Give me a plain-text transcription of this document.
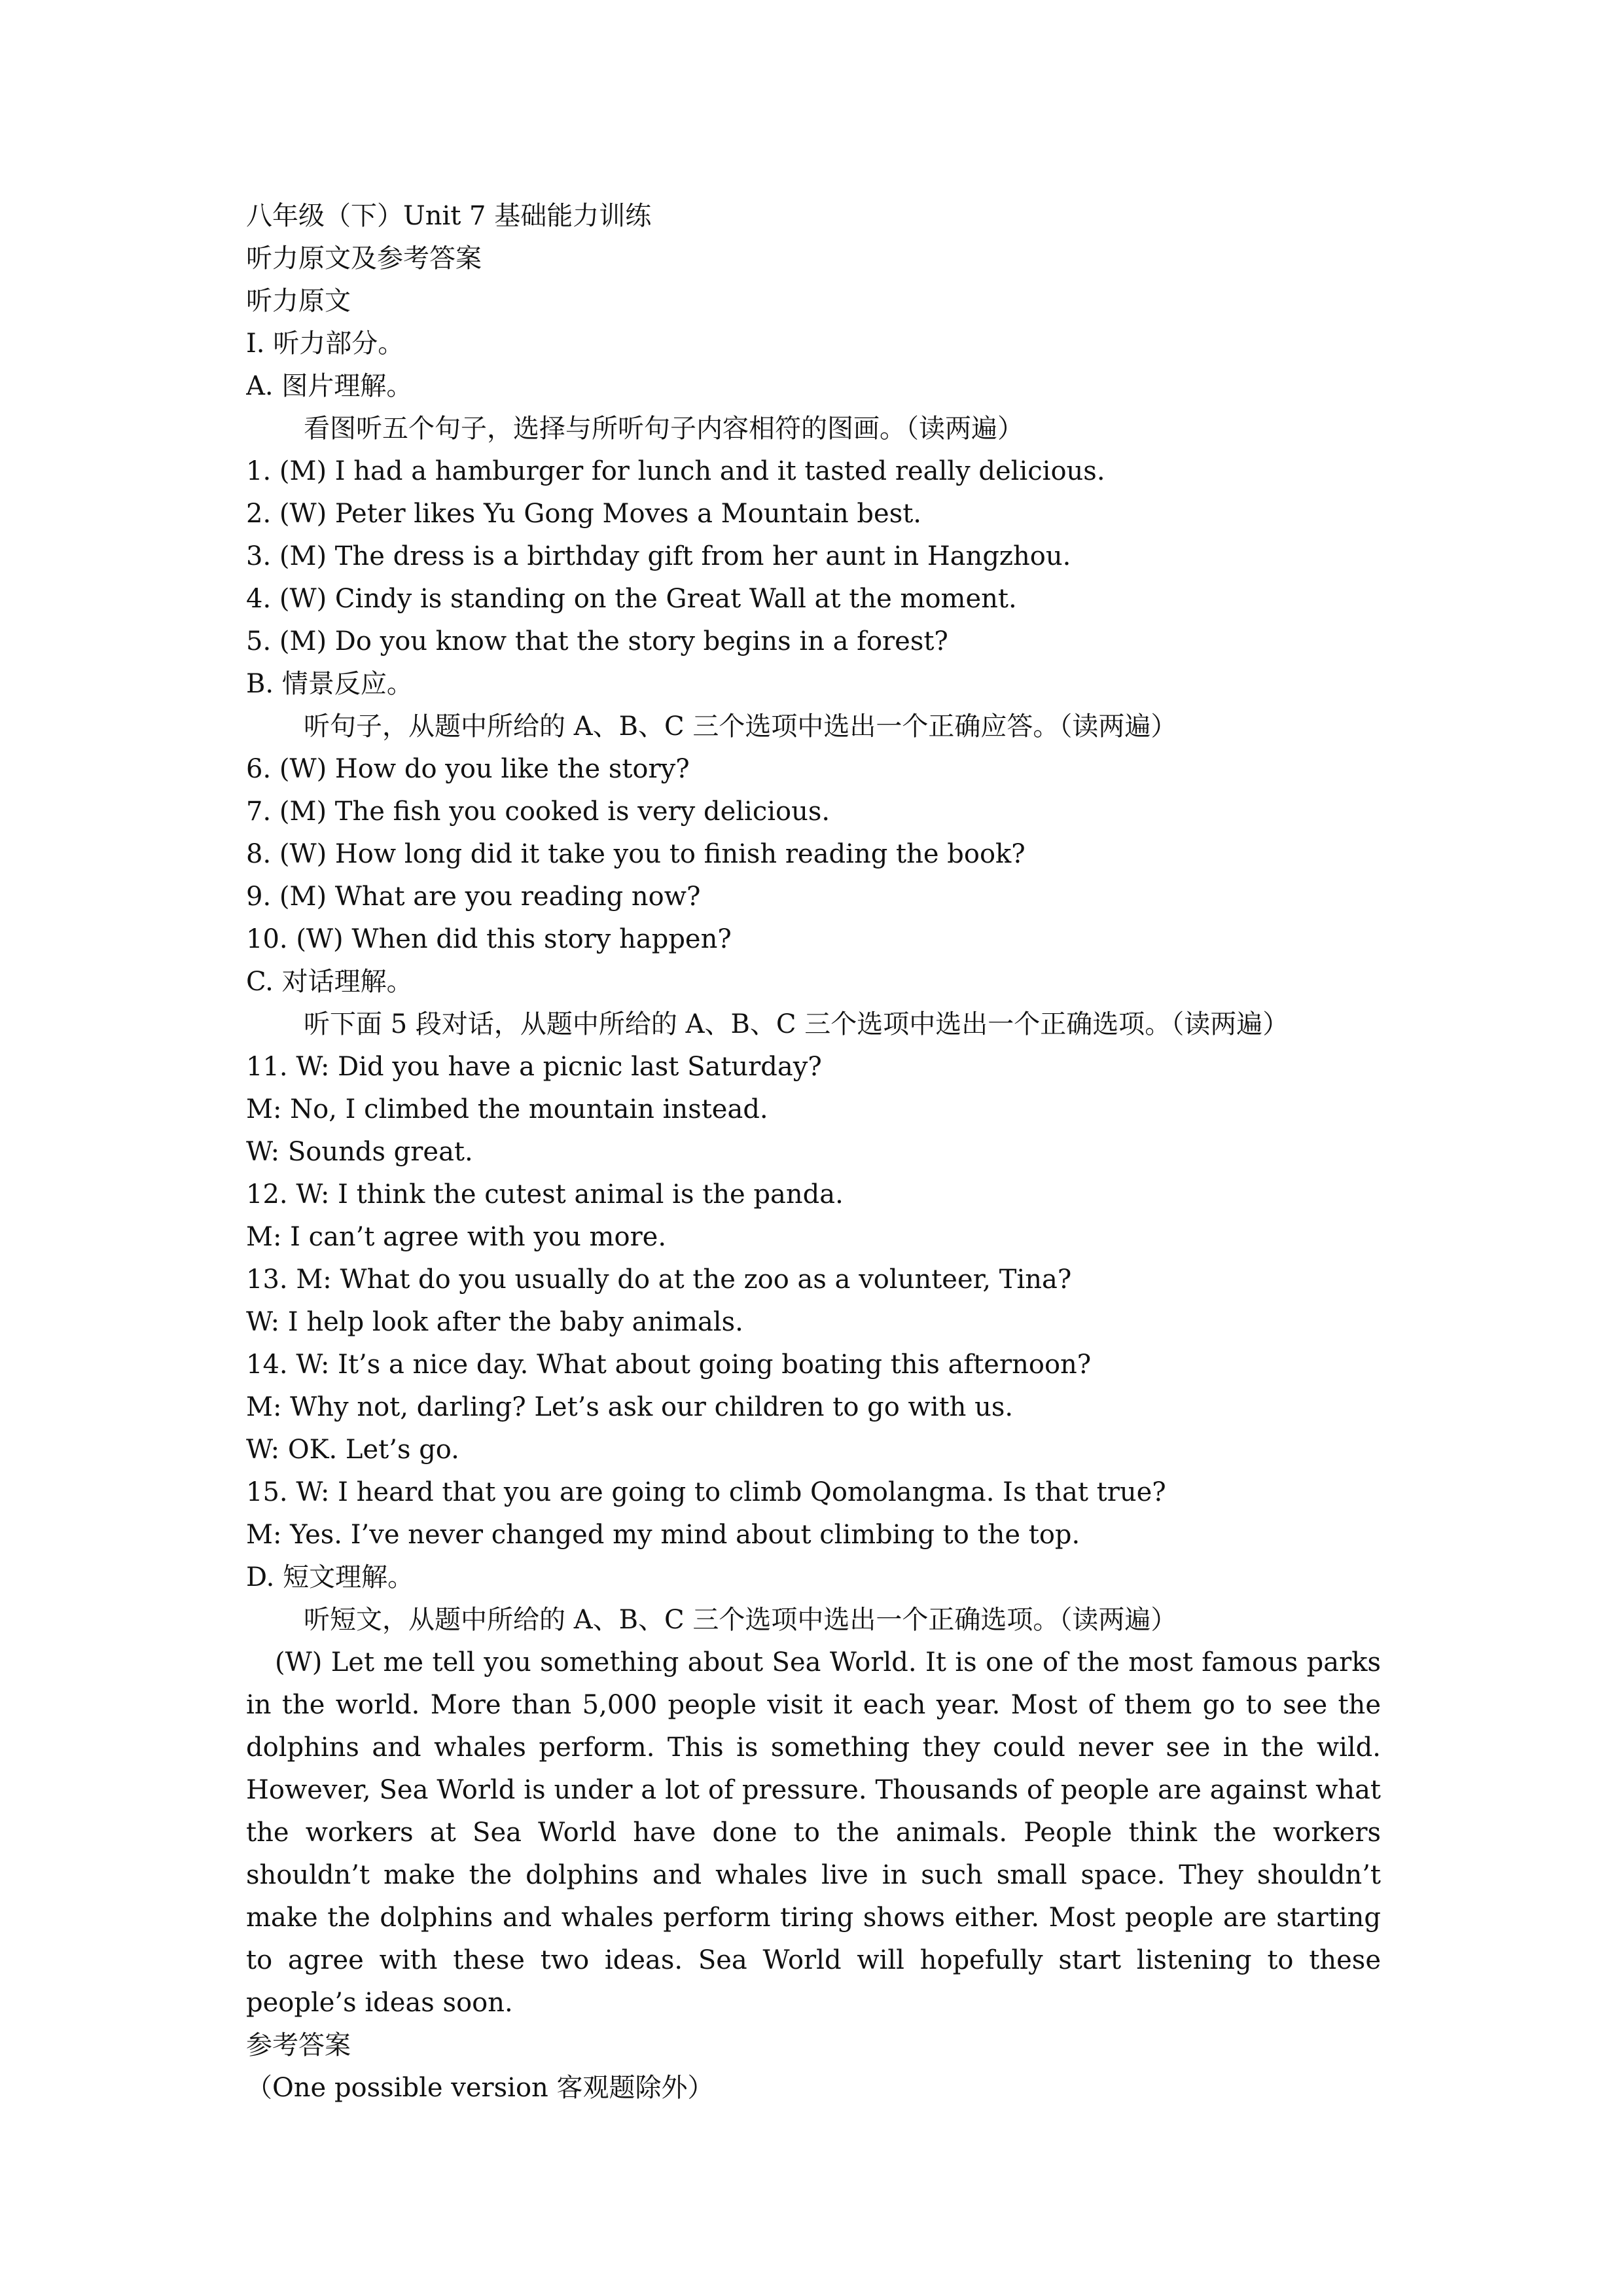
八年级（下）Unit 7 基础能力训练
听力原文及参考答案
听力原文
I. 听力部分。
A. 图片理解。
看图听五个句子，选择与所听句子内容相符的图画。（读两遍）
1. (M) I had a hamburger for lunch and it tasted really delicious.
2. (W) Peter likes Yu Gong Moves a Mountain best.
3. (M) The dress is a birthday gift from her aunt in Hangzhou.
4. (W) Cindy is standing on the Great Wall at the moment.
5. (M) Do you know that the story begins in a forest?
B. 情景反应。
听句子，从题中所给的 A、B、C 三个选项中选出一个正确应答。（读两遍）
6. (W) How do you like the story?
7. (M) The fish you cooked is very delicious.
8. (W) How long did it take you to finish reading the book?
9. (M) What are you reading now?
10. (W) When did this story happen?
C. 对话理解。
听下面 5 段对话，从题中所给的 A、B、C 三个选项中选出一个正确选项。（读两遍）
11. W: Did you have a picnic last Saturday?
M: No, I climbed the mountain instead.
W: Sounds great.
12. W: I think the cutest animal is the panda.
M: I can’t agree with you more.
13. M: What do you usually do at the zoo as a volunteer, Tina?
W: I help look after the baby animals.
14. W: It’s a nice day. What about going boating this afternoon?
M: Why not, darling? Let’s ask our children to go with us.
W: OK. Let’s go.
15. W: I heard that you are going to climb Qomolangma. Is that true?
M: Yes. I’ve never changed my mind about climbing to the top.
D. 短文理解。
听短文，从题中所给的 A、B、C 三个选项中选出一个正确选项。（读两遍）

(W) Let me tell you something about Sea World. It is one of the most famous parks in the world. More than 5,000 people visit it each year. Most of them go to see the dolphins and whales perform. This is something they could never see in the wild. However, Sea World is under a lot of pressure. Thousands of people are against what the workers at Sea World have done to the animals. People think the workers shouldn’t make the dolphins and whales live in such small space. They shouldn’t make the dolphins and whales perform tiring shows either. Most people are starting to agree with these two ideas. Sea World will hopefully start listening to these people’s ideas soon.

参考答案
（One possible version 客观题除外）
